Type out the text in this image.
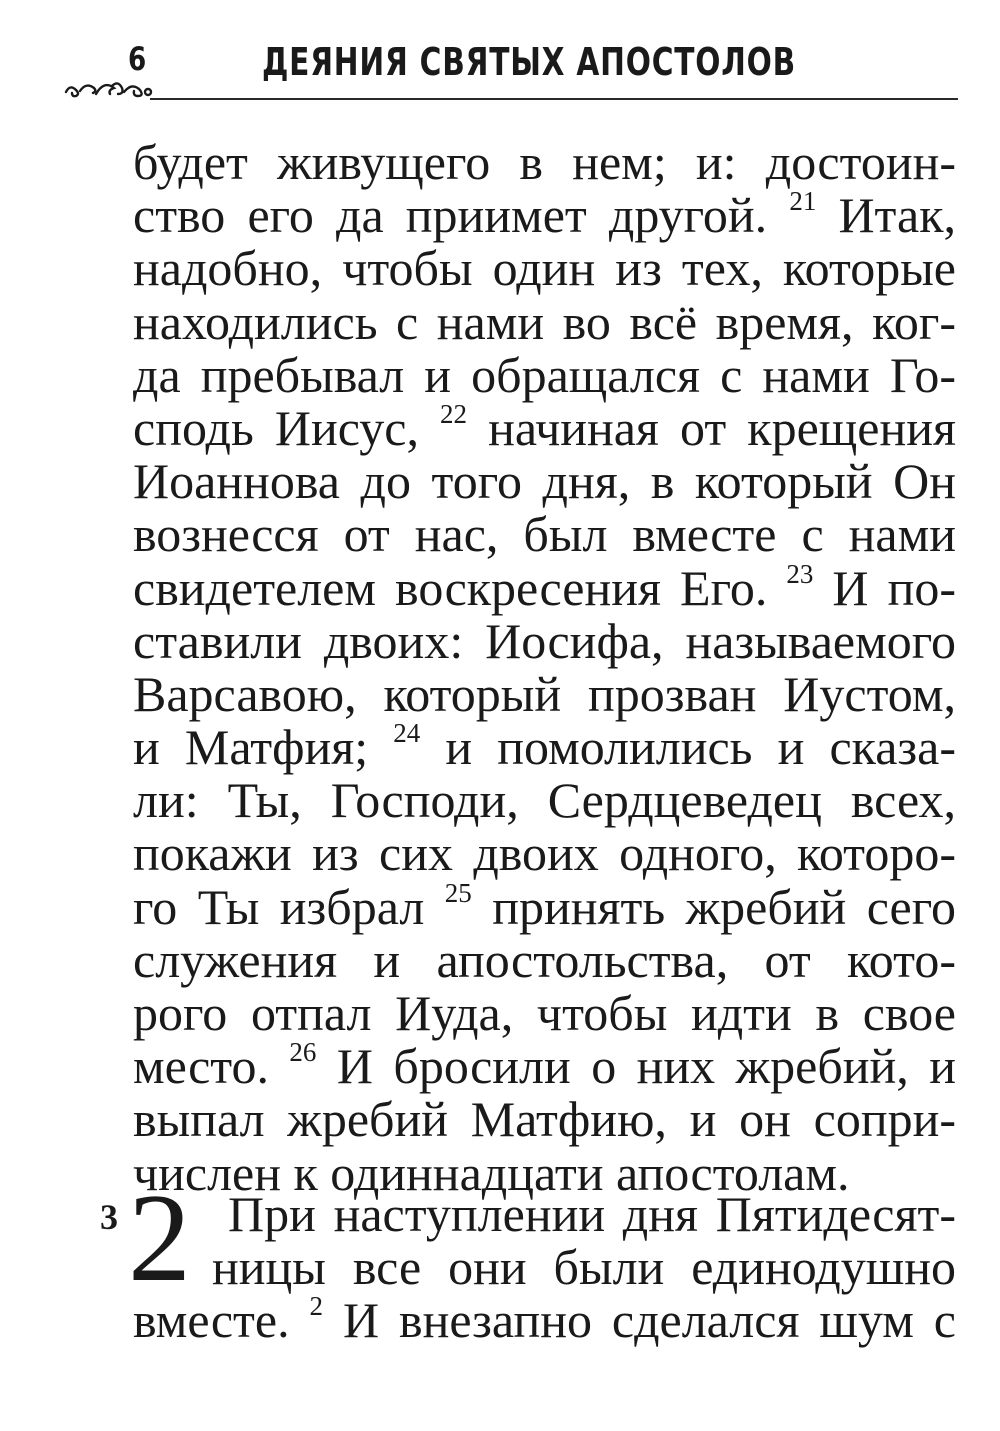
6	ДЕЯНИЯ СВЯТЫХ АПОСТОЛОВ
будет живущего в нем; и: достоин-
ство его да приимет другой. $^{21}$ Итак,
надобно, чтобы один из тех, которые
находились с нами во всё время, ког-
да пребывал и обращался с нами Го-
сподь Иисус, $^{22}$ начиная от крещения
Иоаннова до того дня, в который Он
вознесся от нас, был вместе с нами
свидетелем воскресения Его. $^{23}$ И по-
ставили двоих: Иосифа, называемого
Варсавою, который прозван Иустом,
и Матфия; $^{24}$ и помолились и сказа-
ли: Ты, Господи, Сердцеведец всех,
покажи из сих двоих одного, которо-
го Ты избрал $^{25}$ принять жребий сего
служения и апостольства, от кото-
рого отпал Иуда, чтобы идти в свое
место. $^{26}$ И бросили о них жребий, и
выпал жребий Матфию, и он сопри-
числен к одиннадцати апостолам.
3 2 При наступлении дня Пятидесят-
ницы все они были единодушно
вместе. $^2$ И внезапно сделался шум с
